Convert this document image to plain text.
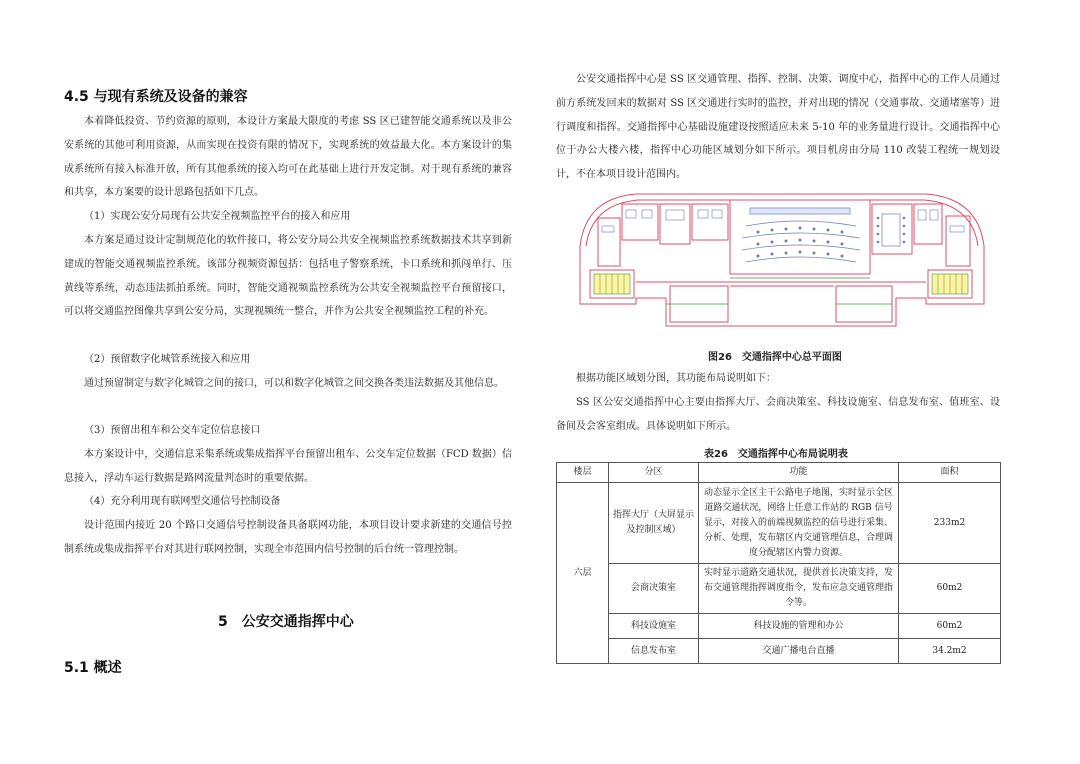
4.5 与现有系统及设备的兼容

本着降低投资、节约资源的原则，本设计方案最大限度的考虑 SS 区已建智能交通系统以及非公安系统的其他可利用资源，从而实现在投资有限的情况下，实现系统的效益最大化。本方案设计的集成系统所有接入标准开放，所有其他系统的接入均可在此基础上进行开发定制。对于现有系统的兼容和共享，本方案要的设计思路包括如下几点。

（1）实现公安分局现有公共安全视频监控平台的接入和应用

本方案是通过设计定制规范化的软件接口，将公安分局公共安全视频监控系统数据技术共享到新建成的智能交通视频监控系统。该部分视频资源包括：包括电子警察系统，卡口系统和抓闯单行、压黄线等系统，动态违法抓拍系统。同时，智能交通视频监控系统为公共安全视频监控平台预留接口，可以将交通监控图像共享到公安分局，实现视频统一整合，并作为公共安全视频监控工程的补充。

（2）预留数字化城管系统接入和应用

通过预留制定与数字化城管之间的接口，可以和数字化城管之间交换各类违法数据及其他信息。

（3）预留出租车和公交车定位信息接口

本方案设计中，交通信息采集系统或集成指挥平台预留出租车、公交车定位数据（FCD 数据）信息接入，浮动车运行数据是路网流量判态时的重要依据。

（4）充分利用现有联网型交通信号控制设备

设计范围内接近 20 个路口交通信号控制设备具备联网功能，本项目设计要求新建的交通信号控制系统或集成指挥平台对其进行联网控制，实现全市范围内信号控制的后台统一管理控制。

5　公安交通指挥中心
5.1 概述

公安交通指挥中心是 SS 区交通管理、指挥、控制、决策、调度中心，指挥中心的工作人员通过前方系统发回来的数据对 SS 区交通进行实时的监控，并对出现的情况（交通事故、交通堵塞等）进行调度和指挥。交通指挥中心基础设施建设按照适应未来 5-10 年的业务量进行设计。交通指挥中心位于办公大楼六楼，指挥中心功能区域划分如下所示。项目机房由分局 110 改装工程统一规划设计，不在本项目设计范围内。

图26　交通指挥中心总平面图

根据功能区域划分图，其功能布局说明如下：

SS 区公安交通指挥中心主要由指挥大厅、会商决策室、科技设施室、信息发布室、值班室、设备间及会客室组成。具体说明如下所示。

表26　交通指挥中心布局说明表
楼层	分区	功能	面积
六层	指挥大厅（大屏显示及控制区域）	动态显示全区主干公路电子地图，实时显示全区道路交通状况，网络上任意工作站的 RGB 信号显示，对接入的前端视频监控的信号进行采集、分析、处理，发布辖区内交通管理信息，合理调度分配辖区内警力资源。	233m2
	会商决策室	实时显示道路交通状况，提供首长决策支持，发布交通管理指挥调度指令，发布应急交通管理指令等。	60m2
	科技设施室	科技设施的管理和办公	60m2
	信息发布室	交通广播电台直播	34.2m2
